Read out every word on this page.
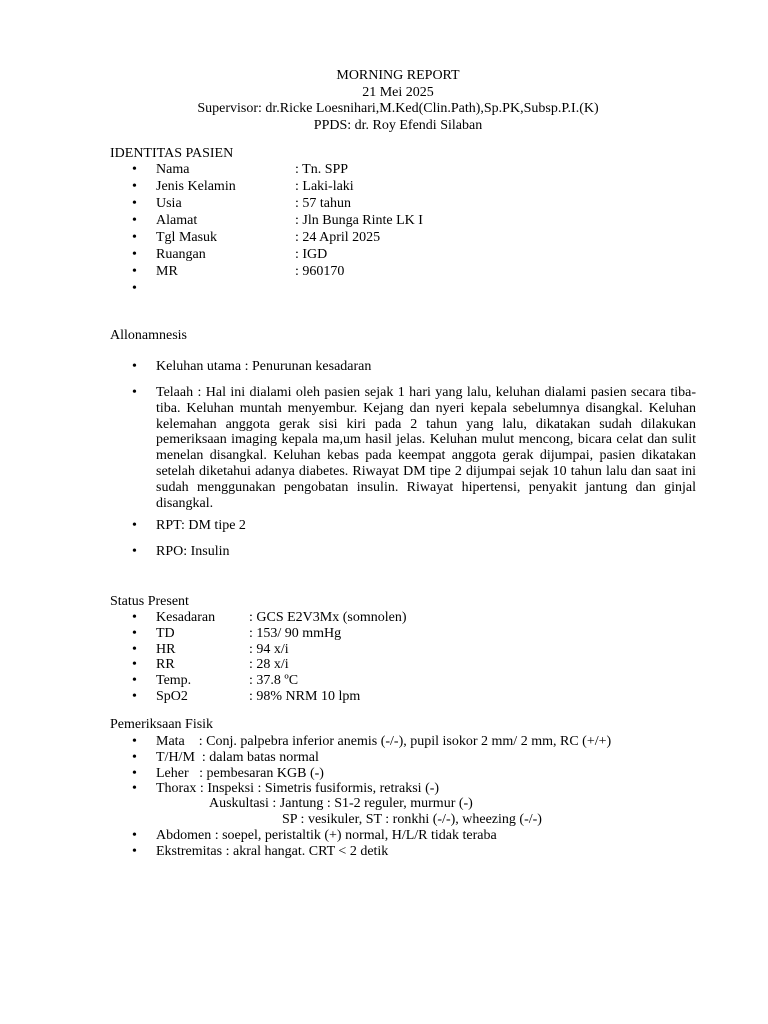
MORNING REPORT
21 Mei 2025
Supervisor: dr.Ricke Loesnihari,M.Ked(Clin.Path),Sp.PK,Subsp.P.I.(K)
PPDS: dr. Roy Efendi Silaban
IDENTITAS PASIEN
• Nama	: Tn. SPP
• Jenis Kelamin	: Laki-laki
• Usia	: 57 tahun
• Alamat	: Jln Bunga Rinte LK I
• Tgl Masuk	: 24 April 2025
• Ruangan	: IGD
• MR	: 960170
•
Allonamnesis
• Keluhan utama : Penurunan kesadaran
• Telaah : Hal ini dialami oleh pasien sejak 1 hari yang lalu, keluhan dialami pasien secara tiba-tiba. Keluhan muntah menyembur. Kejang dan nyeri kepala sebelumnya disangkal. Keluhan kelemahan anggota gerak sisi kiri pada 2 tahun yang lalu, dikatakan sudah dilakukan pemeriksaan imaging kepala ma,um hasil jelas. Keluhan mulut mencong, bicara celat dan sulit menelan disangkal. Keluhan kebas pada keempat anggota gerak dijumpai, pasien dikatakan setelah diketahui adanya diabetes. Riwayat DM tipe 2 dijumpai sejak 10 tahun lalu dan saat ini sudah menggunakan pengobatan insulin. Riwayat hipertensi, penyakit jantung dan ginjal disangkal.
• RPT: DM tipe 2
• RPO: Insulin
Status Present
• Kesadaran : GCS E2V3Mx (somnolen)
• TD	: 153/ 90 mmHg
• HR	: 94 x/i
• RR	: 28 x/i
• Temp.	: 37.8 ºC
• SpO2	: 98% NRM 10 lpm
Pemeriksaan Fisik
• Mata    : Conj. palpebra inferior anemis (-/-), pupil isokor 2 mm/ 2 mm, RC (+/+)
• T/H/M  : dalam batas normal
• Leher   : pembesaran KGB (-)
• Thorax : Inspeksi : Simetris fusiformis, retraksi (-)
Auskultasi : Jantung : S1-2 reguler, murmur (-)
SP : vesikuler, ST : ronkhi (-/-), wheezing (-/-)
• Abdomen : soepel, peristaltik (+) normal, H/L/R tidak teraba
• Ekstremitas : akral hangat. CRT < 2 detik
